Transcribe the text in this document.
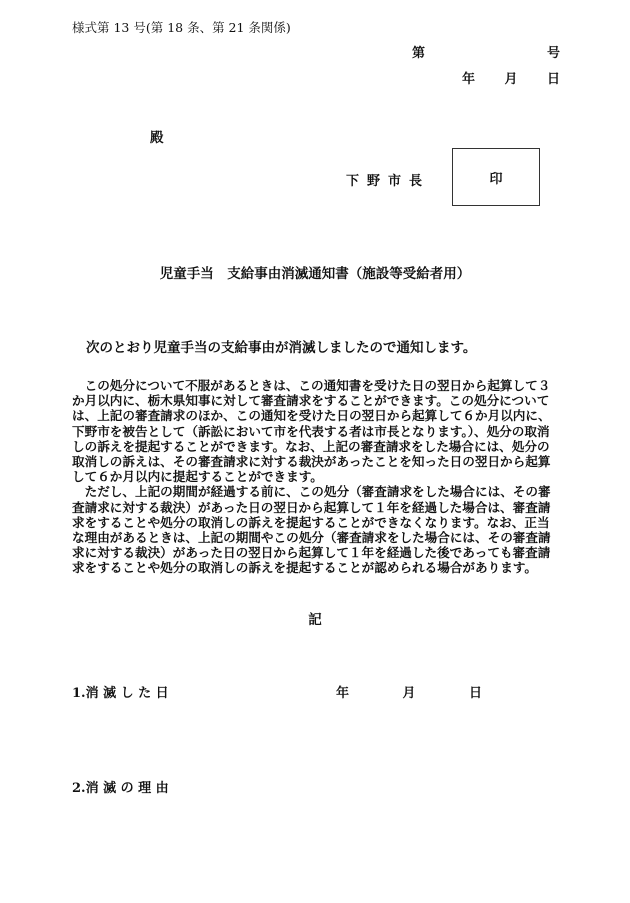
様式第 13 号(第 18 条、第 21 条関係)
第	号
年 月 日
殿
下野市長	印
児童手当　支給事由消滅通知書（施設等受給者用）
次のとおり児童手当の支給事由が消滅しましたので通知します。

この処分について不服があるときは、この通知書を受けた日の翌日から起算して３か月以内に、栃木県知事に対して審査請求をすることができます。この処分については、上記の審査請求のほか、この通知を受けた日の翌日から起算して６か月以内に、下野市を被告として（訴訟において市を代表する者は市長となります。）、処分の取消しの訴えを提起することができます。なお、上記の審査請求をした場合には、処分の取消しの訴えは、その審査請求に対する裁決があったことを知った日の翌日から起算して６か月以内に提起することができます。

ただし、上記の期間が経過する前に、この処分（審査請求をした場合には、その審査請求に対する裁決）があった日の翌日から起算して１年を経過した場合は、審査請求をすることや処分の取消しの訴えを提起することができなくなります。なお、正当な理由があるときは、上記の期間やこの処分（審査請求をした場合には、その審査請求に対する裁決）があった日の翌日から起算して１年を経過した後であっても審査請求をすることや処分の取消しの訴えを提起することが認められる場合があります。

記
1.消 滅 し た 日	年	月	日
2.消 滅 の 理 由
